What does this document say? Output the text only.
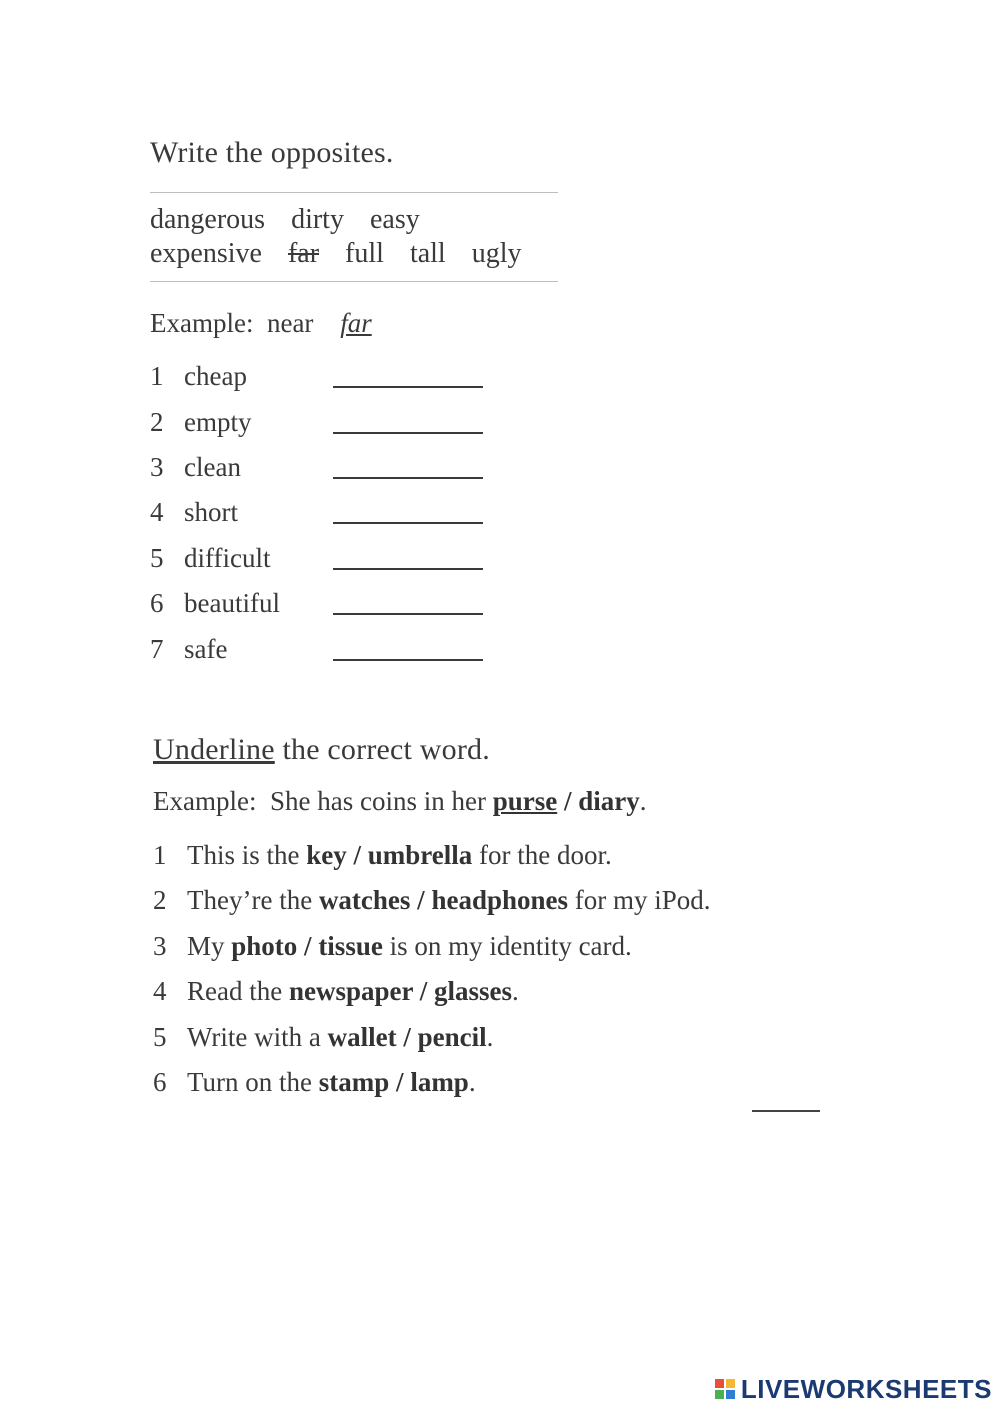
Write the opposites.
dangerous dirty easy
expensive far full tall ugly
Example: near far
1 cheap
2 empty
3 clean
4 short
5 difficult
6 beautiful
7 safe
Underline the correct word.
Example: She has coins in her purse / diary.
1 This is the key / umbrella for the door.
2 They’re the watches / headphones for my iPod.
3 My photo / tissue is on my identity card.
4 Read the newspaper / glasses.
5 Write with a wallet / pencil.
6 Turn on the stamp / lamp.
LIVEWORKSHEETS
